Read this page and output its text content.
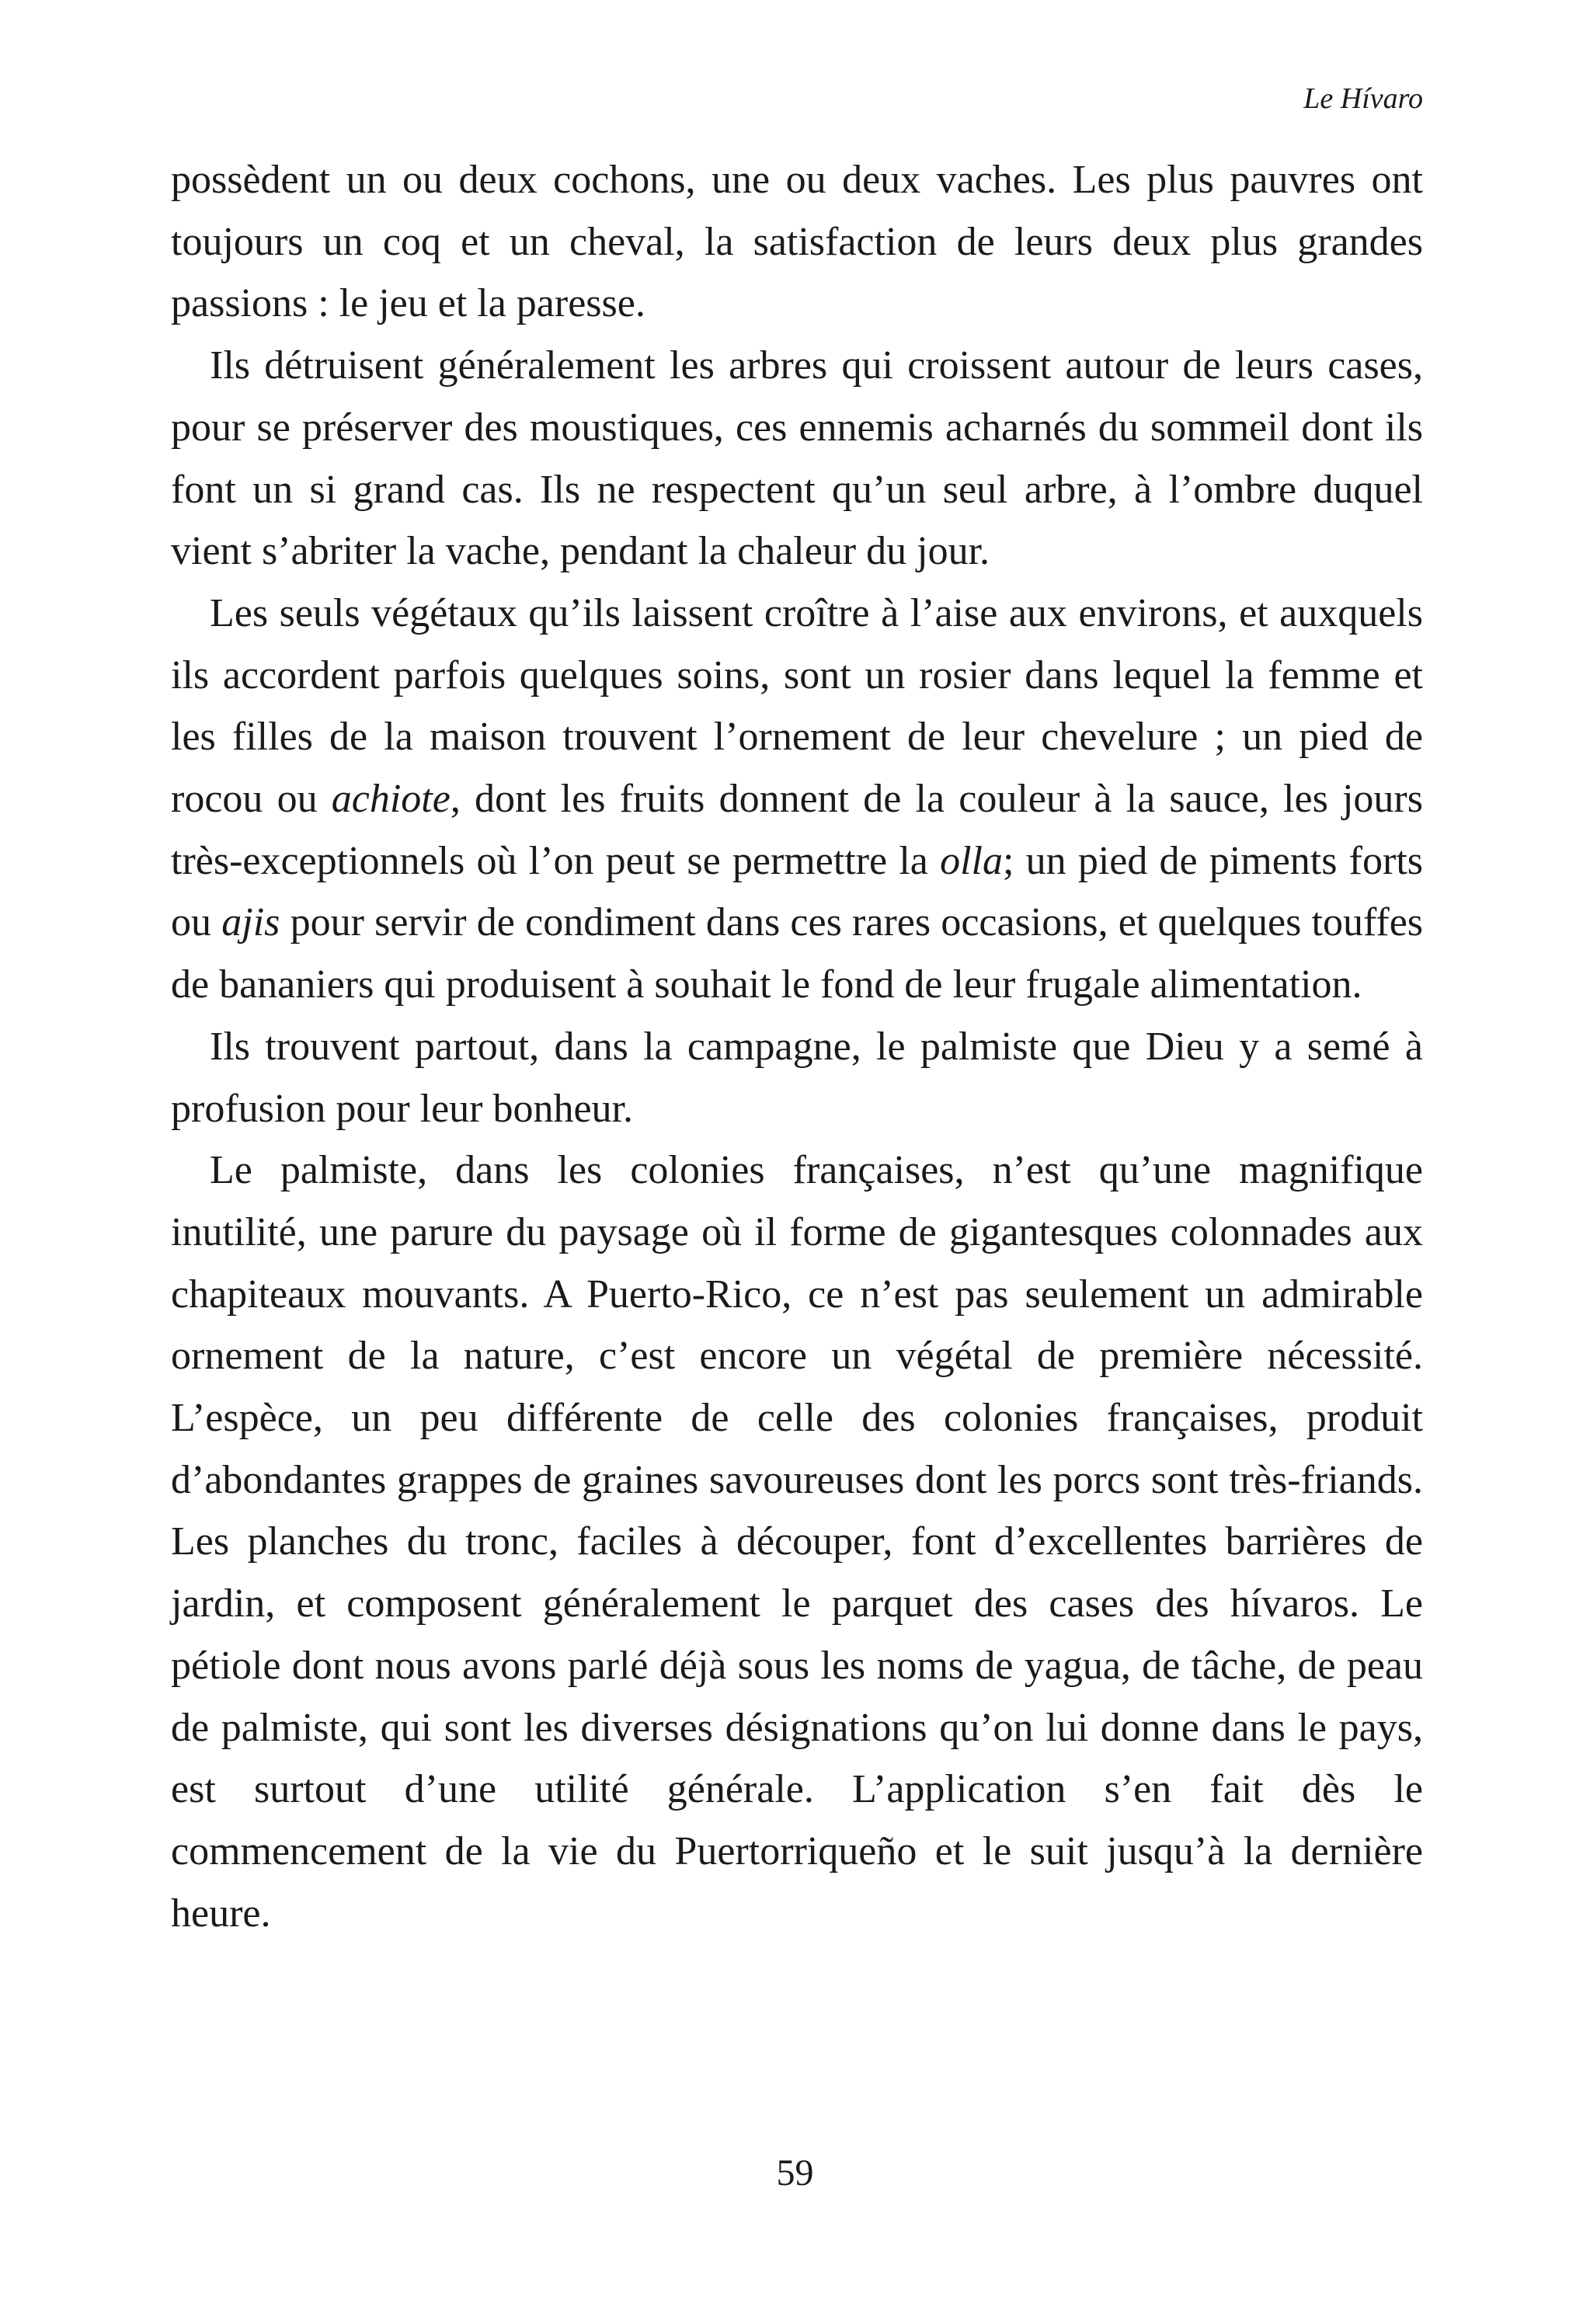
Le Hívaro

possèdent un ou deux cochons, une ou deux vaches. Les plus pauvres ont toujours un coq et un cheval, la satisfaction de leurs deux plus grandes passions : le jeu et la paresse.

Ils détruisent généralement les arbres qui croissent autour de leurs cases, pour se préserver des moustiques, ces ennemis acharnés du sommeil dont ils font un si grand cas. Ils ne respectent qu’un seul arbre, à l’ombre duquel vient s’abriter la vache, pendant la chaleur du jour.

Les seuls végétaux qu’ils laissent croître à l’aise aux environs, et auxquels ils accordent parfois quelques soins, sont un rosier dans lequel la femme et les filles de la maison trouvent l’ornement de leur chevelure ; un pied de rocou ou achiote, dont les fruits donnent de la couleur à la sauce, les jours très-exceptionnels où l’on peut se permettre la olla; un pied de piments forts ou ajis pour servir de condiment dans ces rares occasions, et quelques touffes de bananiers qui produisent à souhait le fond de leur frugale alimentation.

Ils trouvent partout, dans la campagne, le palmiste que Dieu y a semé à profusion pour leur bonheur.

Le palmiste, dans les colonies françaises, n’est qu’une magnifique inutilité, une parure du paysage où il forme de gigantesques colonnades aux chapiteaux mouvants. A Puerto-Rico, ce n’est pas seulement un admirable ornement de la nature, c’est encore un végétal de première nécessité. L’espèce, un peu différente de celle des colonies françaises, produit d’abondantes grappes de graines savoureuses dont les porcs sont très-friands. Les planches du tronc, faciles à découper, font d’excellentes barrières de jardin, et composent généralement le parquet des cases des hívaros. Le pétiole dont nous avons parlé déjà sous les noms de yagua, de tâche, de peau de palmiste, qui sont les diverses désignations qu’on lui donne dans le pays, est surtout d’une utilité générale. L’application s’en fait dès le commencement de la vie du Puertorriqueño et le suit jusqu’à la dernière heure.

59
